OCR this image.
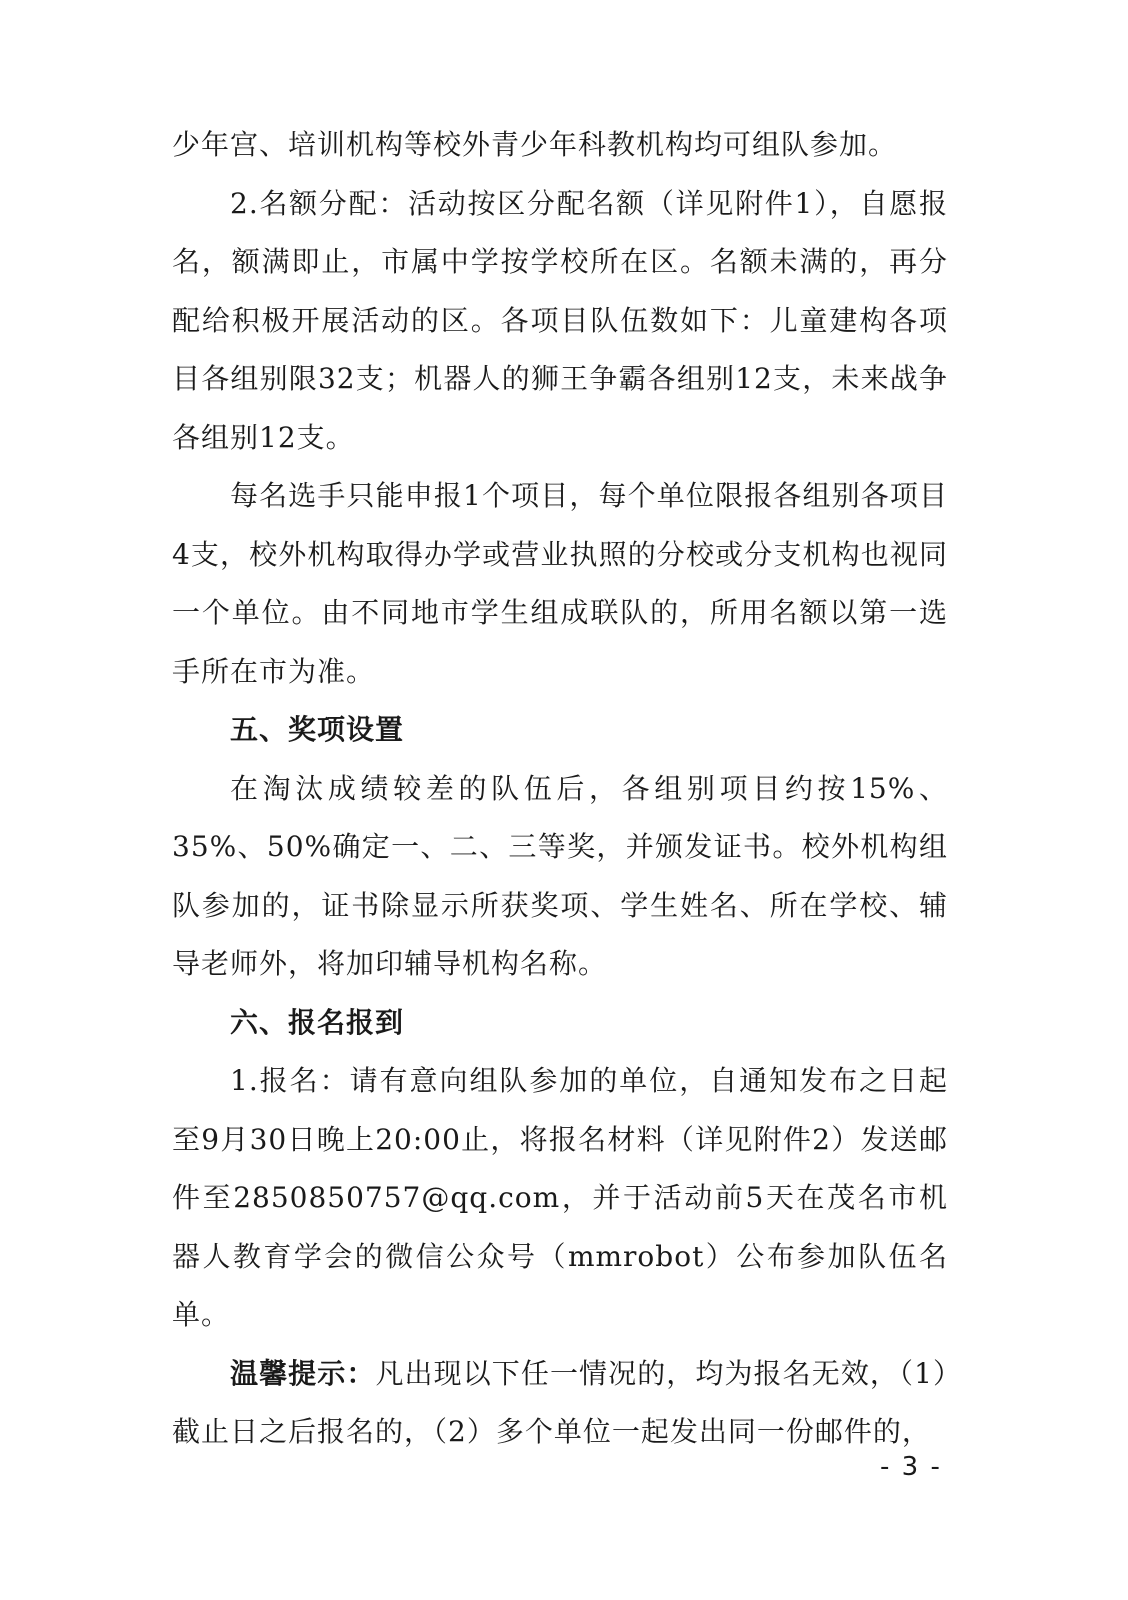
少年宫、培训机构等校外青少年科教机构均可组队参加。

2.名额分配：活动按区分配名额（详见附件1），自愿报名，额满即止，市属中学按学校所在区。名额未满的，再分配给积极开展活动的区。各项目队伍数如下：儿童建构各项目各组别限32支；机器人的狮王争霸各组别12支，未来战争各组别12支。

每名选手只能申报1个项目，每个单位限报各组别各项目4支，校外机构取得办学或营业执照的分校或分支机构也视同一个单位。由不同地市学生组成联队的，所用名额以第一选手所在市为准。

五、奖项设置

在淘汰成绩较差的队伍后，各组别项目约按15%、35%、50%确定一、二、三等奖，并颁发证书。校外机构组队参加的，证书除显示所获奖项、学生姓名、所在学校、辅导老师外，将加印辅导机构名称。

六、报名报到

1.报名：请有意向组队参加的单位，自通知发布之日起至9月30日晚上20:00止，将报名材料（详见附件2）发送邮件至2850850757@qq.com，并于活动前5天在茂名市机器人教育学会的微信公众号（mmrobot）公布参加队伍名单。

温馨提示：凡出现以下任一情况的，均为报名无效，（1）截止日之后报名的，（2）多个单位一起发出同一份邮件的，

- 3 -
